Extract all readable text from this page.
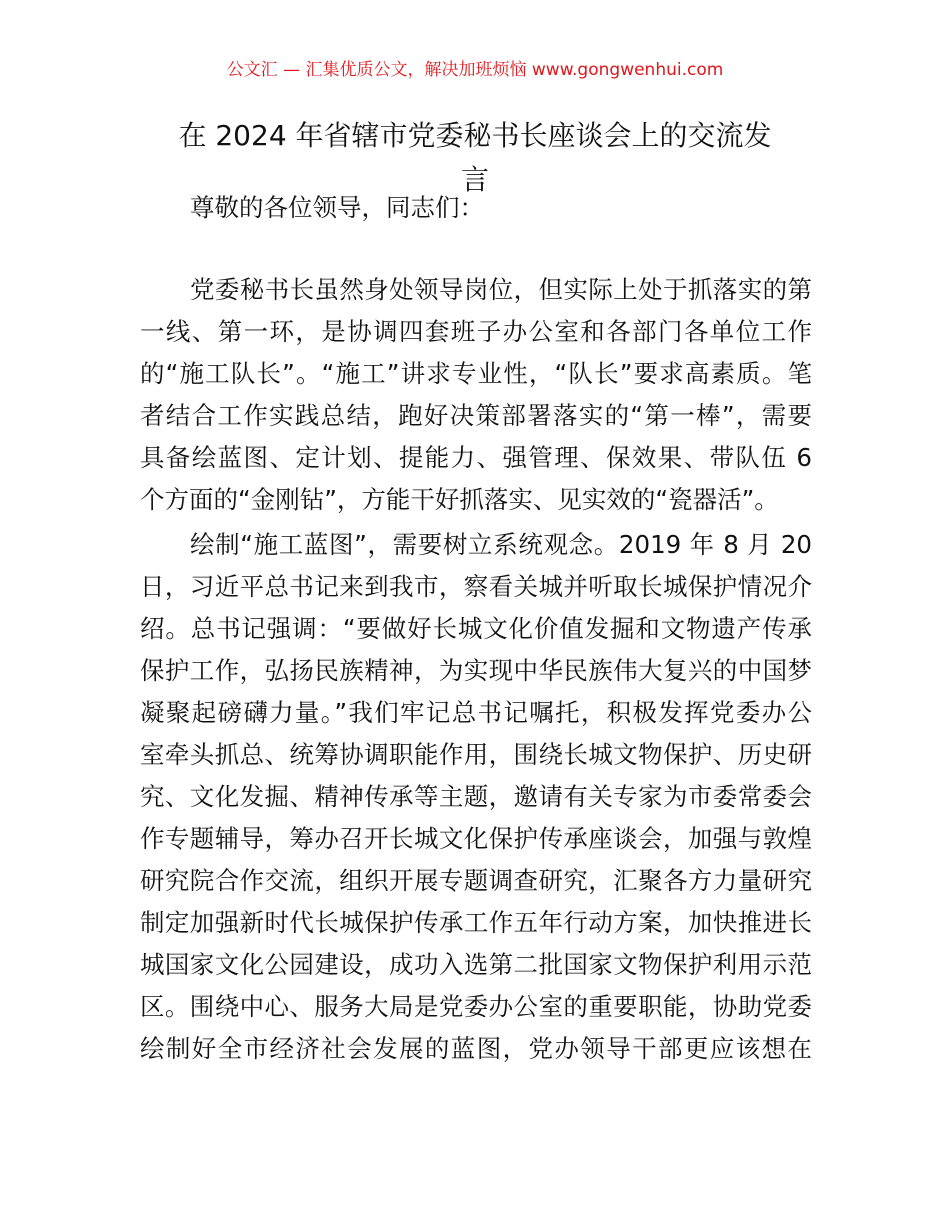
公文汇 — 汇集优质公文，解决加班烦恼 www.gongwenhui.com
在 2024 年省辖市党委秘书长座谈会上的交流发
言
尊敬的各位领导，同志们：
党委秘书长虽然身处领导岗位，但实际上处于抓落实的第
一线、第一环，是协调四套班子办公室和各部门各单位工作
的“施工队长”。“施工”讲求专业性，“队长”要求高素质。笔
者结合工作实践总结，跑好决策部署落实的“第一棒”，需要
具备绘蓝图、定计划、提能力、强管理、保效果、带队伍 6
个方面的“金刚钻”，方能干好抓落实、见实效的“瓷器活”。
绘制“施工蓝图”，需要树立系统观念。2019 年 8 月 20
日，习近平总书记来到我市，察看关城并听取长城保护情况介
绍。总书记强调：“要做好长城文化价值发掘和文物遗产传承
保护工作，弘扬民族精神，为实现中华民族伟大复兴的中国梦
凝聚起磅礴力量。”我们牢记总书记嘱托，积极发挥党委办公
室牵头抓总、统筹协调职能作用，围绕长城文物保护、历史研
究、文化发掘、精神传承等主题，邀请有关专家为市委常委会
作专题辅导，筹办召开长城文化保护传承座谈会，加强与敦煌
研究院合作交流，组织开展专题调查研究，汇聚各方力量研究
制定加强新时代长城保护传承工作五年行动方案，加快推进长
城国家文化公园建设，成功入选第二批国家文物保护利用示范
区。围绕中心、服务大局是党委办公室的重要职能，协助党委
绘制好全市经济社会发展的蓝图，党办领导干部更应该想在
